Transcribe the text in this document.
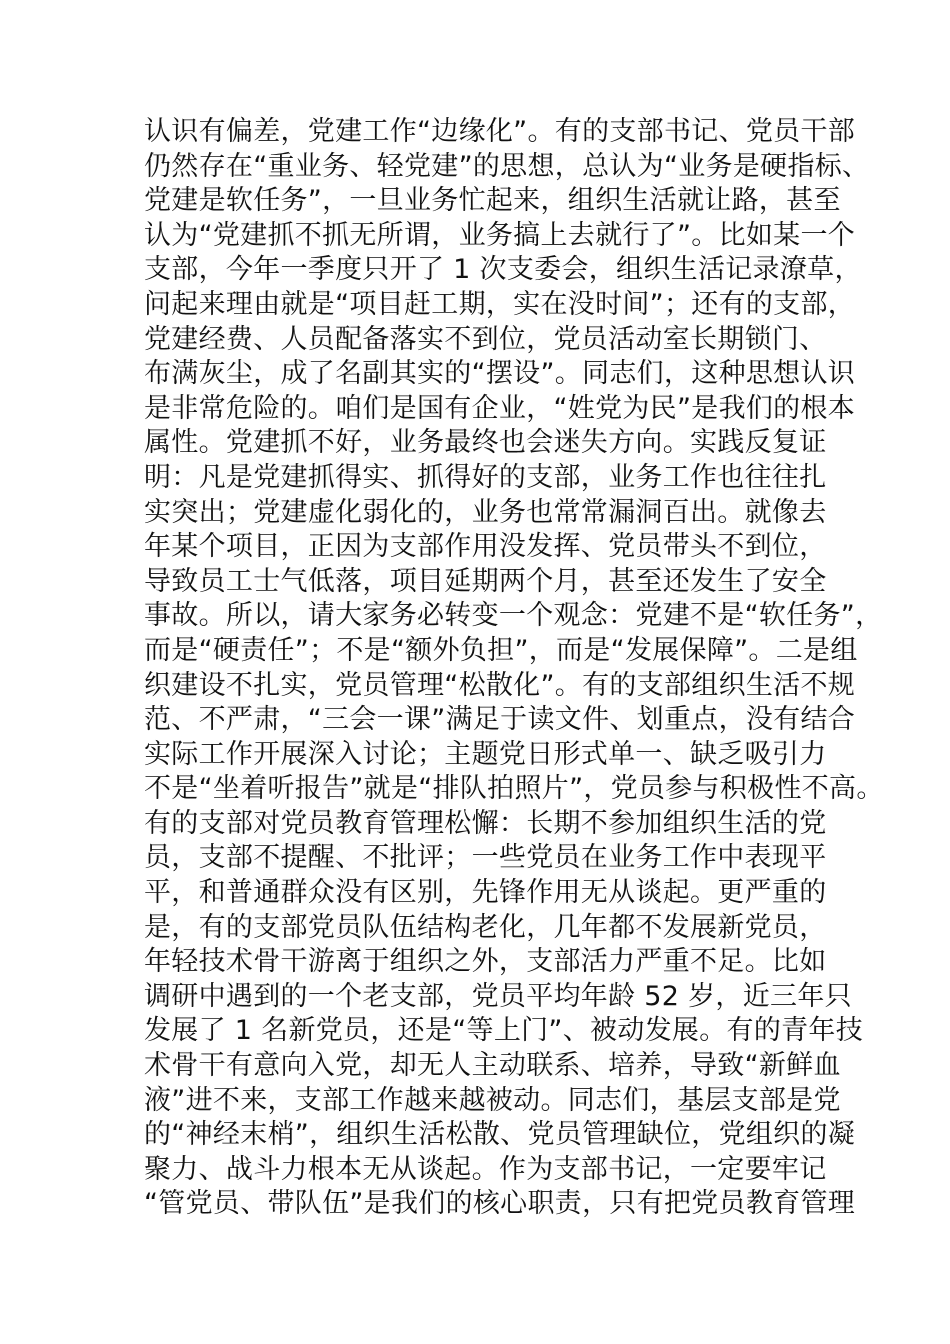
认识有偏差，党建工作“边缘化”。有的支部书记、党员干部
仍然存在“重业务、轻党建”的思想，总认为“业务是硬指标、
党建是软任务”，一旦业务忙起来，组织生活就让路，甚至
认为“党建抓不抓无所谓，业务搞上去就行了”。比如某一个
支部，今年一季度只开了 1 次支委会，组织生活记录潦草，
问起来理由就是“项目赶工期，实在没时间”；还有的支部，
党建经费、人员配备落实不到位，党员活动室长期锁门、
布满灰尘，成了名副其实的“摆设”。同志们，这种思想认识
是非常危险的。咱们是国有企业，“姓党为民”是我们的根本
属性。党建抓不好，业务最终也会迷失方向。实践反复证
明：凡是党建抓得实、抓得好的支部，业务工作也往往扎
实突出；党建虚化弱化的，业务也常常漏洞百出。就像去
年某个项目，正因为支部作用没发挥、党员带头不到位，
导致员工士气低落，项目延期两个月，甚至还发生了安全
事故。所以，请大家务必转变一个观念：党建不是“软任务”，
而是“硬责任”；不是“额外负担”，而是“发展保障”。二是组
织建设不扎实，党员管理“松散化”。有的支部组织生活不规
范、不严肃，“三会一课”满足于读文件、划重点，没有结合
实际工作开展深入讨论；主题党日形式单一、缺乏吸引力
不是“坐着听报告”就是“排队拍照片”，党员参与积极性不高。
有的支部对党员教育管理松懈：长期不参加组织生活的党
员，支部不提醒、不批评；一些党员在业务工作中表现平
平，和普通群众没有区别，先锋作用无从谈起。更严重的
是，有的支部党员队伍结构老化，几年都不发展新党员，
年轻技术骨干游离于组织之外，支部活力严重不足。比如
调研中遇到的一个老支部，党员平均年龄 52 岁，近三年只
发展了 1 名新党员，还是“等上门”、被动发展。有的青年技
术骨干有意向入党，却无人主动联系、培养，导致“新鲜血
液”进不来，支部工作越来越被动。同志们，基层支部是党
的“神经末梢”，组织生活松散、党员管理缺位，党组织的凝
聚力、战斗力根本无从谈起。作为支部书记，一定要牢记
“管党员、带队伍”是我们的核心职责，只有把党员教育管理
